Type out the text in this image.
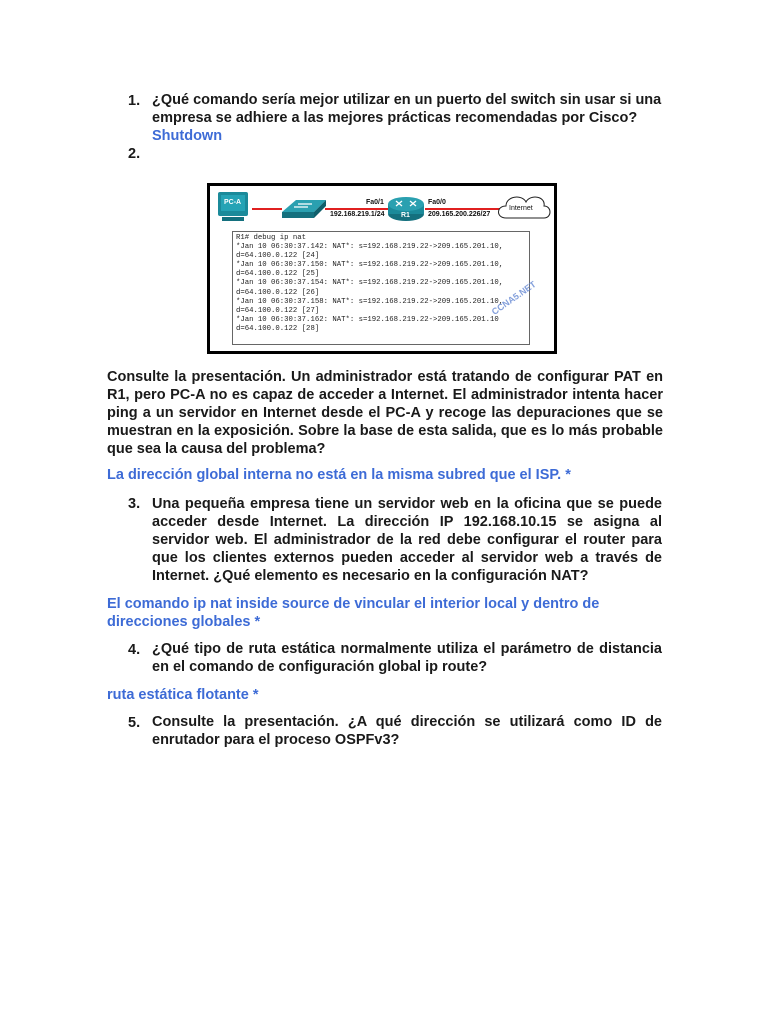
1. ¿Qué comando sería mejor utilizar en un puerto del switch sin usar si una
empresa se adhiere a las mejores prácticas recomendadas por Cisco?
Shutdown
2.
PC-A
R1
Fa0/1	Fa0/0
192.168.219.1/24	209.165.200.226/27
Internet
R1# debug ip nat
*Jan 10 06:30:37.142: NAT*: s=192.168.219.22->209.165.201.10,
d=64.100.0.122 [24]
*Jan 10 06:30:37.150: NAT*: s=192.168.219.22->209.165.201.10,
d=64.100.0.122 [25]
*Jan 10 06:30:37.154: NAT*: s=192.168.219.22->209.165.201.10,
d=64.100.0.122 [26]
*Jan 10 06:30:37.158: NAT*: s=192.168.219.22->209.165.201.10,
d=64.100.0.122 [27]
*Jan 10 06:30:37.162: NAT*: s=192.168.219.22->209.165.201.10
d=64.100.0.122 [28]
CCNA5.NET
Consulte la presentación. Un administrador está tratando de configurar PAT en R1, pero PC-A no es capaz de acceder a Internet. El administrador intenta hacer ping a un servidor en Internet desde el PC-A y recoge las depuraciones que se muestran en la exposición. Sobre la base de esta salida, que es lo más probable que sea la causa del problema?
La dirección global interna no está en la misma subred que el ISP. *
3. Una pequeña empresa tiene un servidor web en la oficina que se puede acceder desde Internet. La dirección IP 192.168.10.15 se asigna al servidor web. El administrador de la red debe configurar el router para que los clientes externos pueden acceder al servidor web a través de Internet. ¿Qué elemento es necesario en la configuración NAT?
El comando ip nat inside source de vincular el interior local y dentro de direcciones globales *
4. ¿Qué tipo de ruta estática normalmente utiliza el parámetro de distancia en el comando de configuración global ip route?
ruta estática flotante *
5. Consulte la presentación. ¿A qué dirección se utilizará como ID de enrutador para el proceso OSPFv3?
